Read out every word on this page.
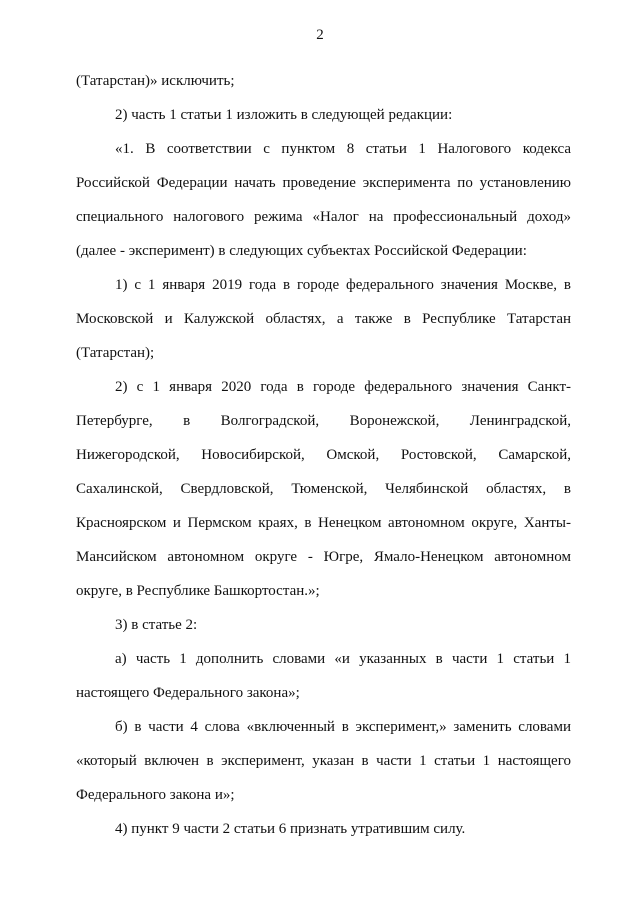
2

(Татарстан)» исключить;

2) часть 1 статьи 1 изложить в следующей редакции:

«1. В соответствии с пунктом 8 статьи 1 Налогового кодекса
Российской Федерации начать проведение эксперимента по установлению
специального налогового режима «Налог на профессиональный доход»
(далее - эксперимент) в следующих субъектах Российской Федерации:

1) с 1 января 2019 года в городе федерального значения Москве, в
Московской и Калужской областях, а также в Республике Татарстан
(Татарстан);

2) с 1 января 2020 года в городе федерального значения Санкт-
Петербурге, в Волгоградской, Воронежской, Ленинградской,
Нижегородской, Новосибирской, Омской, Ростовской, Самарской,
Сахалинской, Свердловской, Тюменской, Челябинской областях, в
Красноярском и Пермском краях, в Ненецком автономном округе, Ханты-
Мансийском автономном округе - Югре, Ямало-Ненецком автономном
округе, в Республике Башкортостан.»;

3) в статье 2:

а) часть 1 дополнить словами «и указанных в части 1 статьи 1
настоящего Федерального закона»;

б) в части 4 слова «включенный в эксперимент,» заменить словами
«который включен в эксперимент, указан в части 1 статьи 1 настоящего
Федерального закона и»;

4) пункт 9 части 2 статьи 6 признать утратившим силу.
